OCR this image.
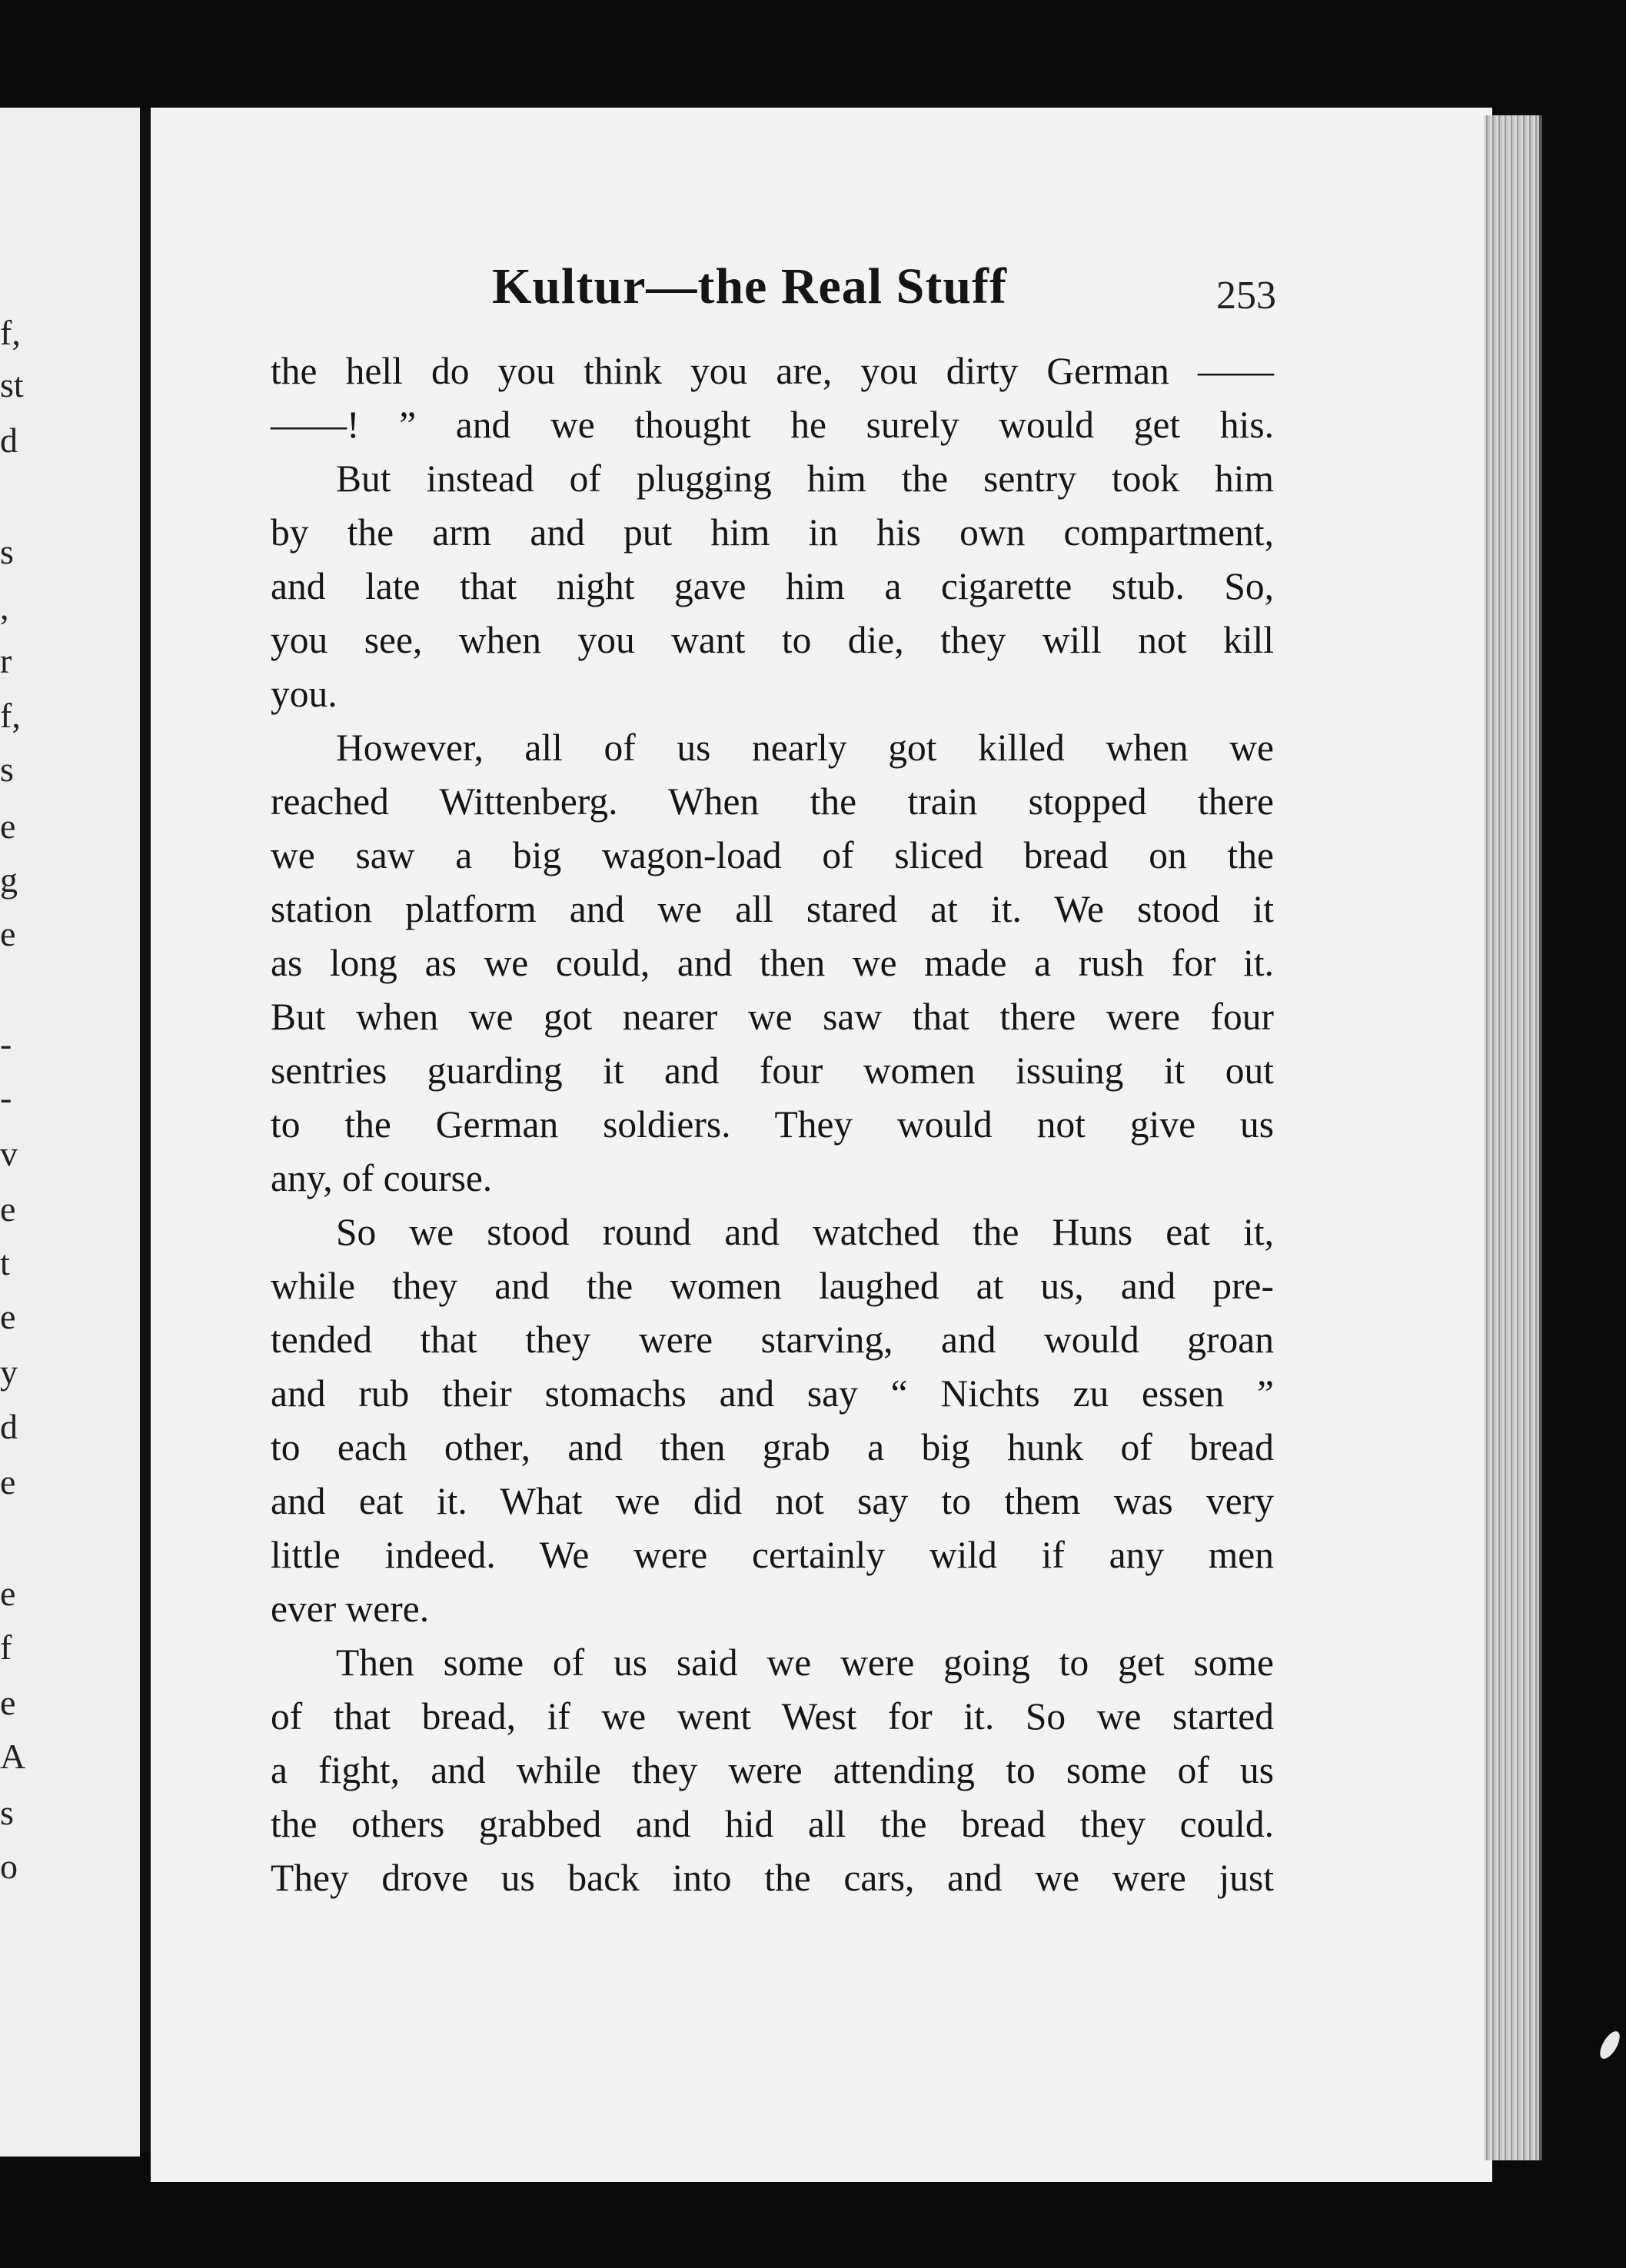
f,
st
d
s
,
r
f,
s
e
g
e
-
-
v
e
t
e
y
d
e
e
f
e
A
s
o
Kultur—the Real Stuff	253
the hell do you think you are, you dirty German ——
——! ” and we thought he surely would get his.
But instead of plugging him the sentry took him
by the arm and put him in his own compartment,
and late that night gave him a cigarette stub. So,
you see, when you want to die, they will not kill
you.
However, all of us nearly got killed when we
reached Wittenberg. When the train stopped there
we saw a big wagon-load of sliced bread on the
station platform and we all stared at it. We stood it
as long as we could, and then we made a rush for it.
But when we got nearer we saw that there were four
sentries guarding it and four women issuing it out
to the German soldiers. They would not give us
any, of course.
So we stood round and watched the Huns eat it,
while they and the women laughed at us, and pre-
tended that they were starving, and would groan
and rub their stomachs and say “ Nichts zu essen ”
to each other, and then grab a big hunk of bread
and eat it. What we did not say to them was very
little indeed. We were certainly wild if any men
ever were.
Then some of us said we were going to get some
of that bread, if we went West for it. So we started
a fight, and while they were attending to some of us
the others grabbed and hid all the bread they could.
They drove us back into the cars, and we were just
